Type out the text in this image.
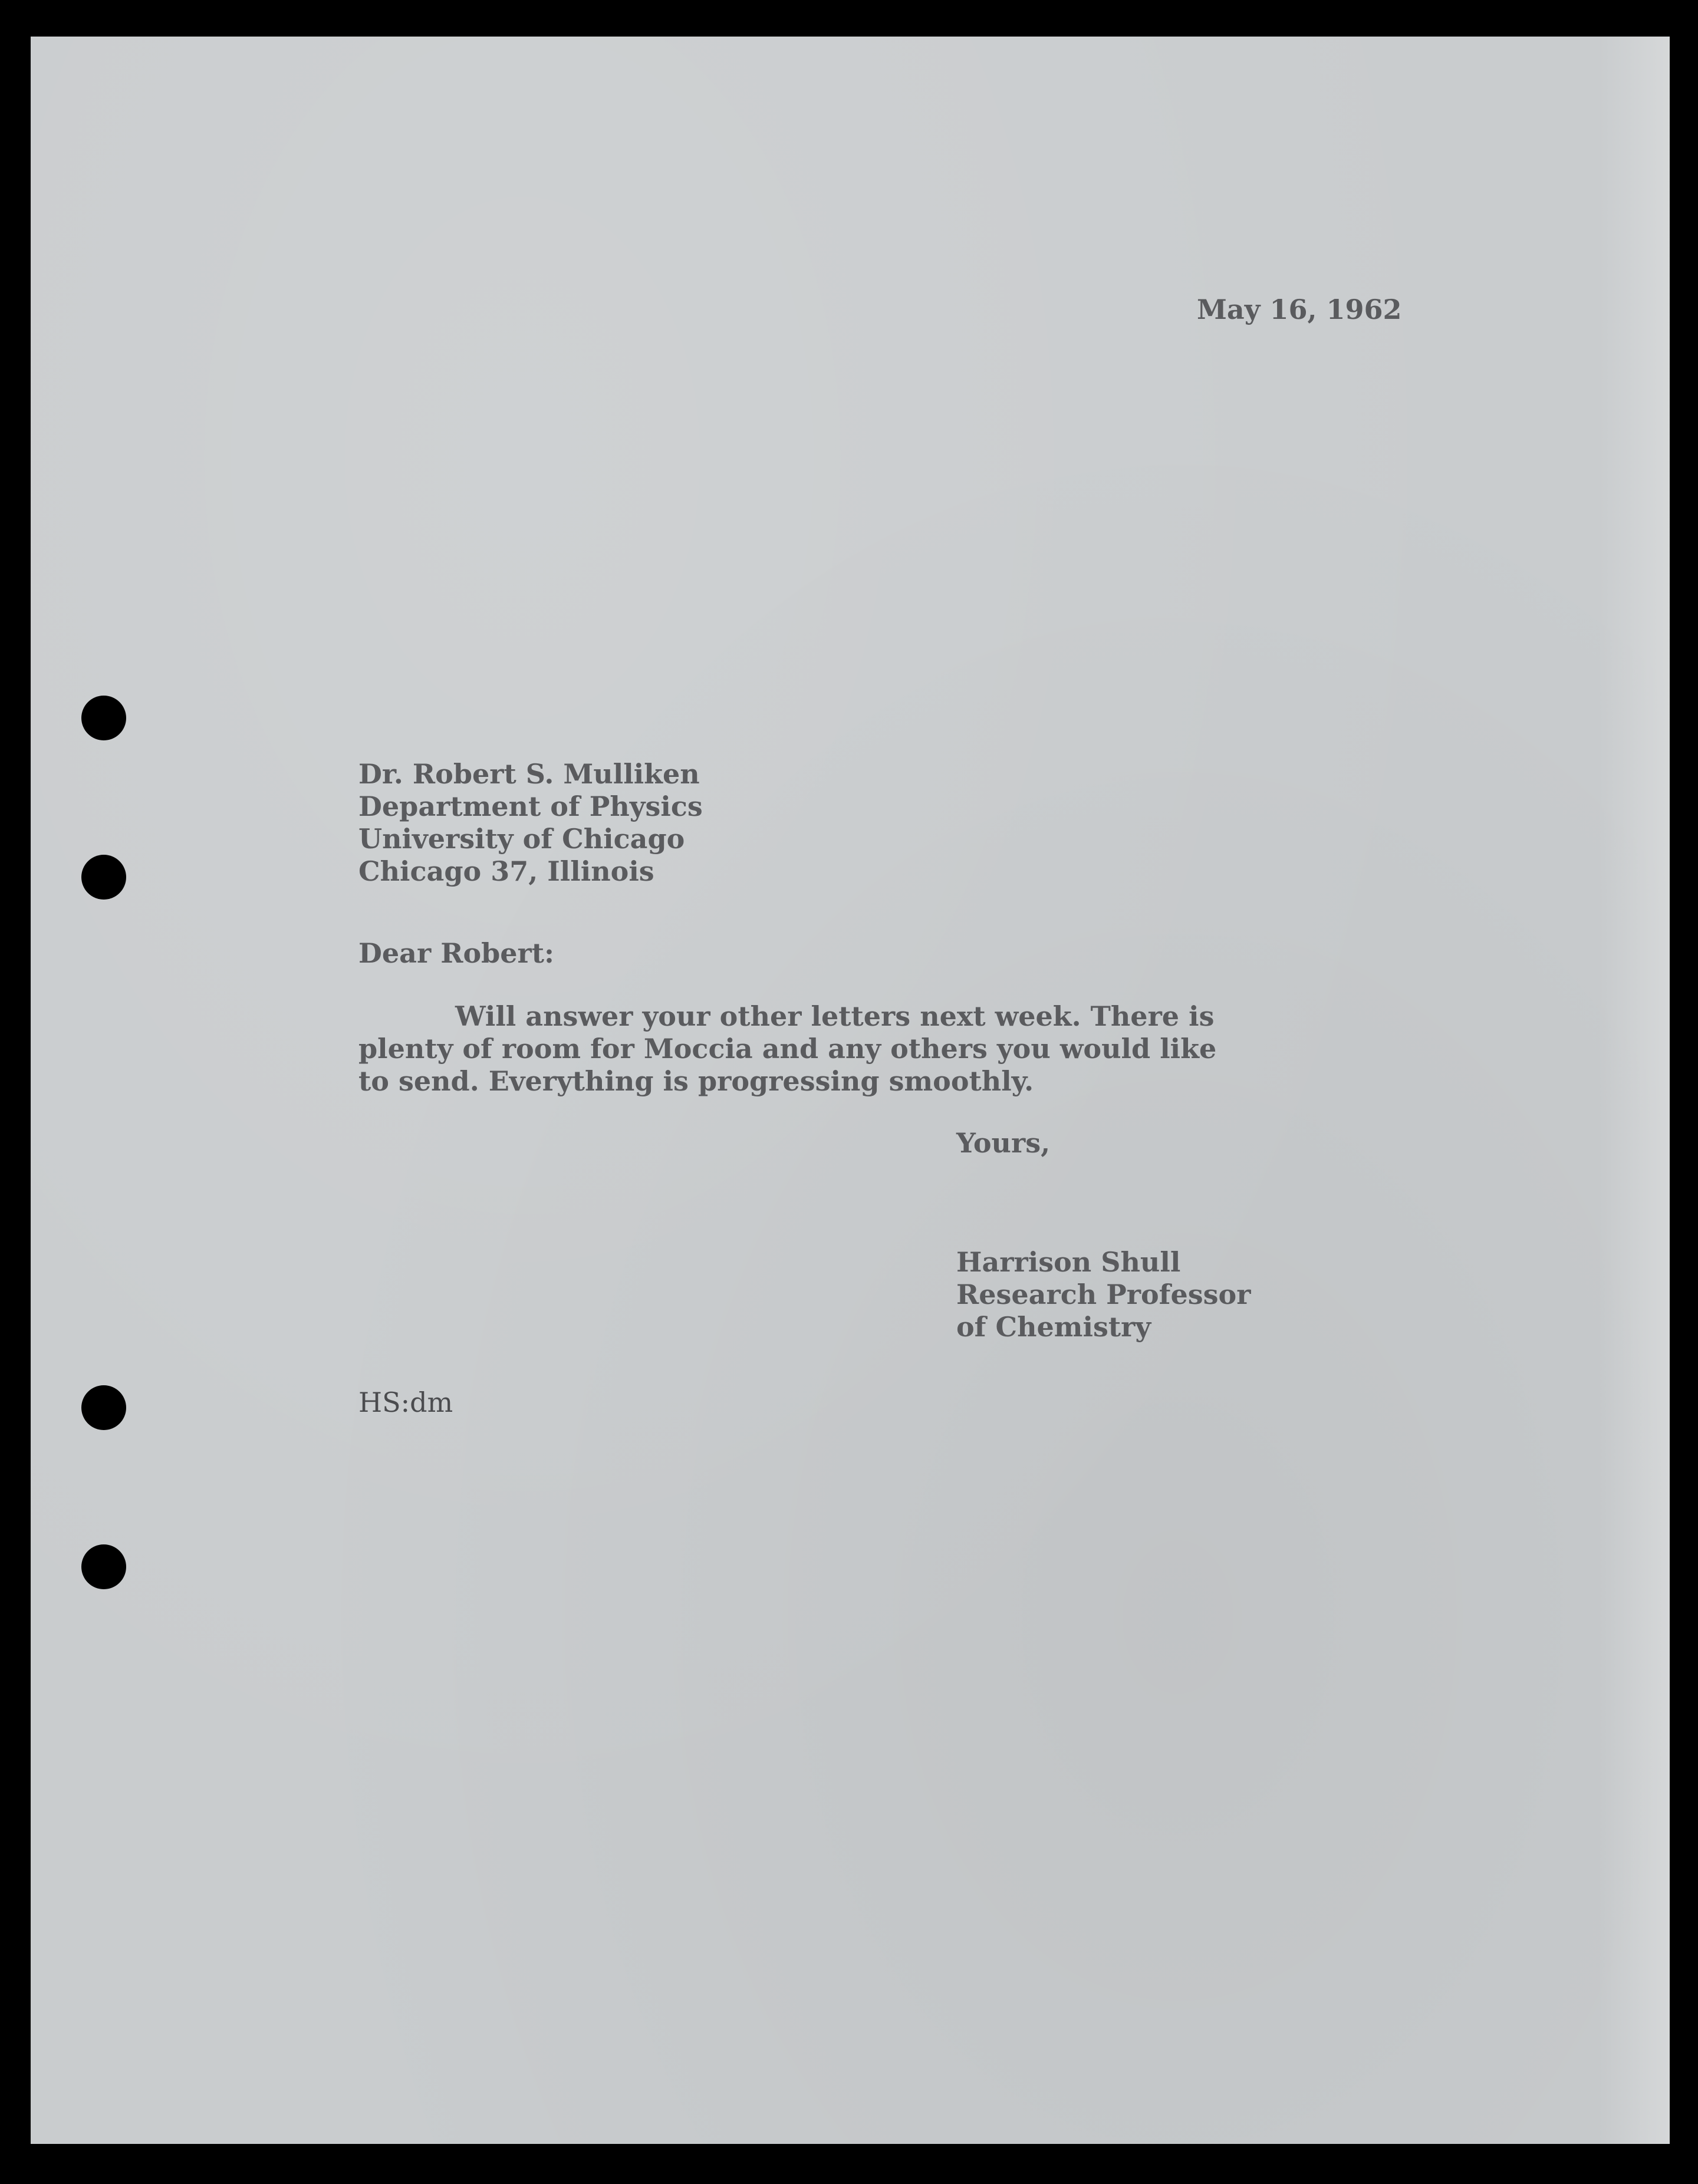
May 16, 1962
Dr. Robert S. Mulliken
Department of Physics
University of Chicago
Chicago 37, Illinois
Dear Robert:
Will answer your other letters next week. There is
plenty of room for Moccia and any others you would like
to send. Everything is progressing smoothly.
Yours,
Harrison Shull
Research Professor
of Chemistry
HS:dm
